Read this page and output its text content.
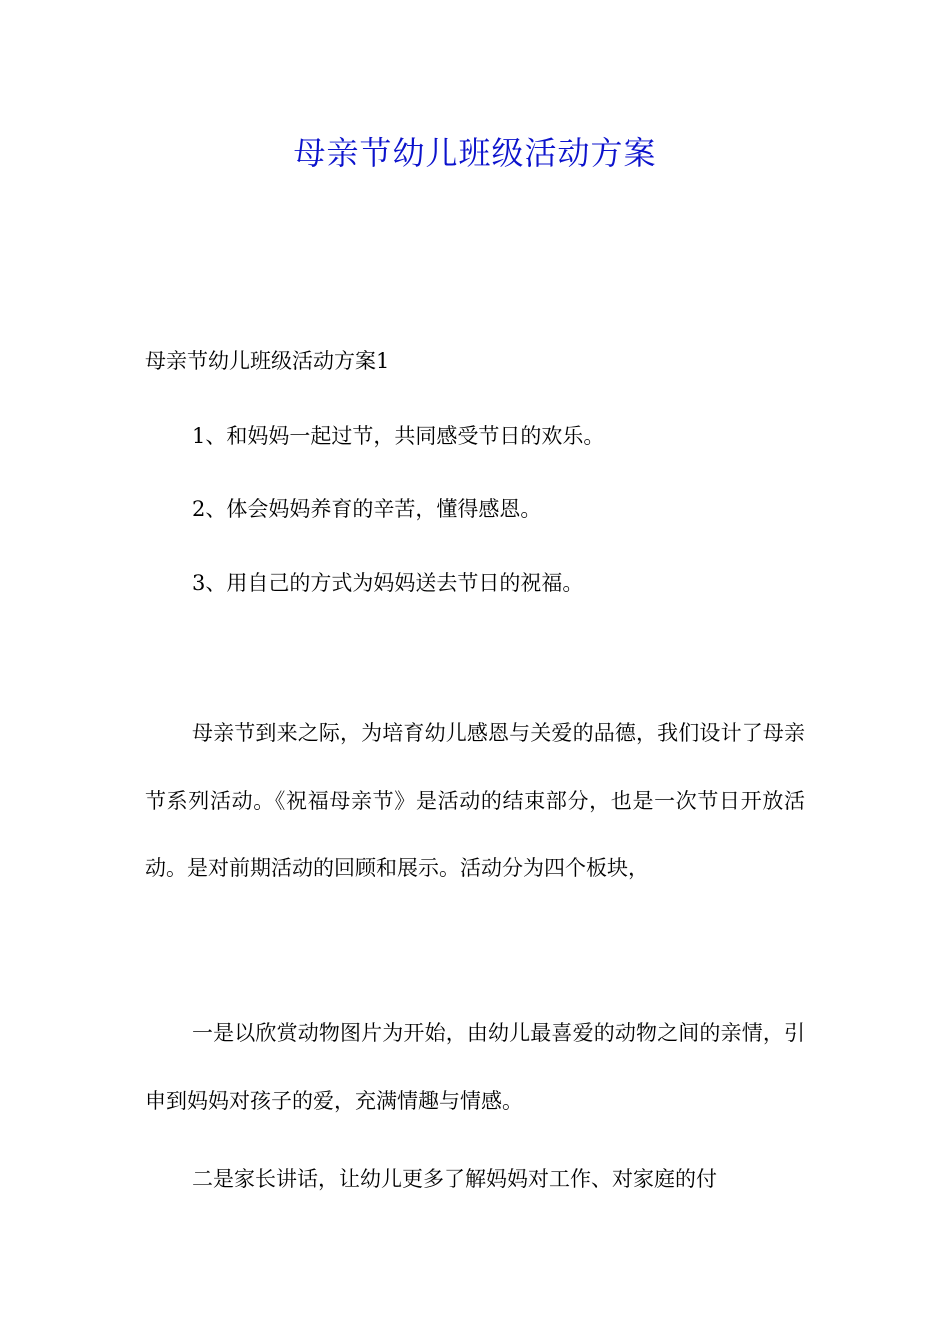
母亲节幼儿班级活动方案
母亲节幼儿班级活动方案1

1、和妈妈一起过节，共同感受节日的欢乐。

2、体会妈妈养育的辛苦，懂得感恩。

3、用自己的方式为妈妈送去节日的祝福。

母亲节到来之际，为培育幼儿感恩与关爱的品德，我们设计了母亲节系列活动。《祝福母亲节》是活动的结束部分，也是一次节日开放活动。是对前期活动的回顾和展示。活动分为四个板块，

一是以欣赏动物图片为开始，由幼儿最喜爱的动物之间的亲情，引申到妈妈对孩子的爱，充满情趣与情感。

二是家长讲话，让幼儿更多了解妈妈对工作、对家庭的付
